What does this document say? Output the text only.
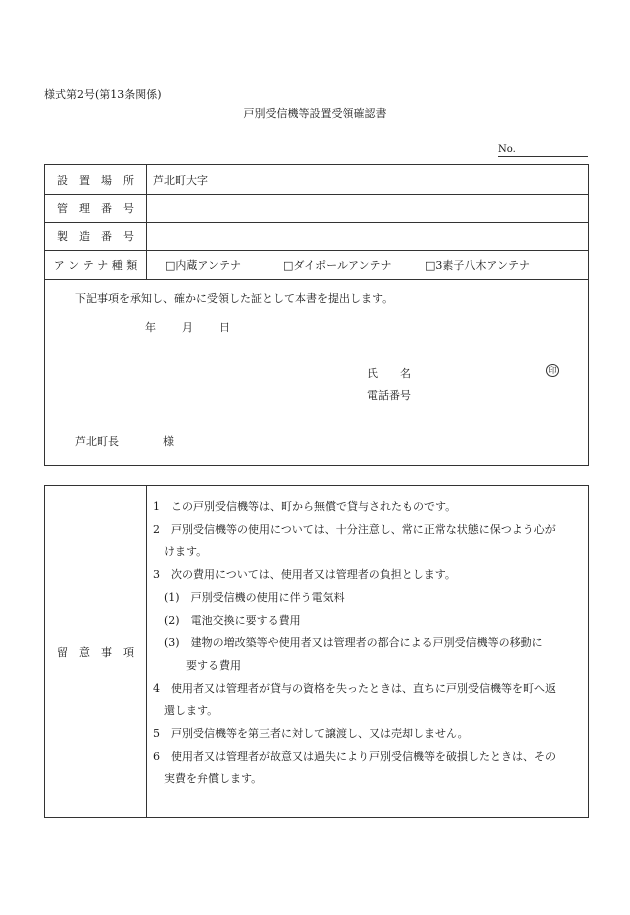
様式第2号(第13条関係)
戸別受信機等設置受領確認書
No.
設　置　場　所	芦北町大字
管　理　番　号
製　造　番　号
ア ン テ ナ 種 類	□内蔵アンテナ	□ダイポールアンテナ	□3素子八木アンテナ
下記事項を承知し、確かに受領した証として本書を提出します。
年 月 日
氏　　名	印
電話番号
芦北町長　　　　様
留　意　事　項
1　この戸別受信機等は、町から無償で貸与されたものです。
2　戸別受信機等の使用については、十分注意し、常に正常な状態に保つよう心が
　けます。
3　次の費用については、使用者又は管理者の負担とします。
　(1)　戸別受信機の使用に伴う電気料
　(2)　電池交換に要する費用
　(3)　建物の増改築等や使用者又は管理者の都合による戸別受信機等の移動に
　　　要する費用
4　使用者又は管理者が貸与の資格を失ったときは、直ちに戸別受信機等を町へ返
　還します。
5　戸別受信機等を第三者に対して譲渡し、又は売却しません。
6　使用者又は管理者が故意又は過失により戸別受信機等を破損したときは、その
　実費を弁償します。
